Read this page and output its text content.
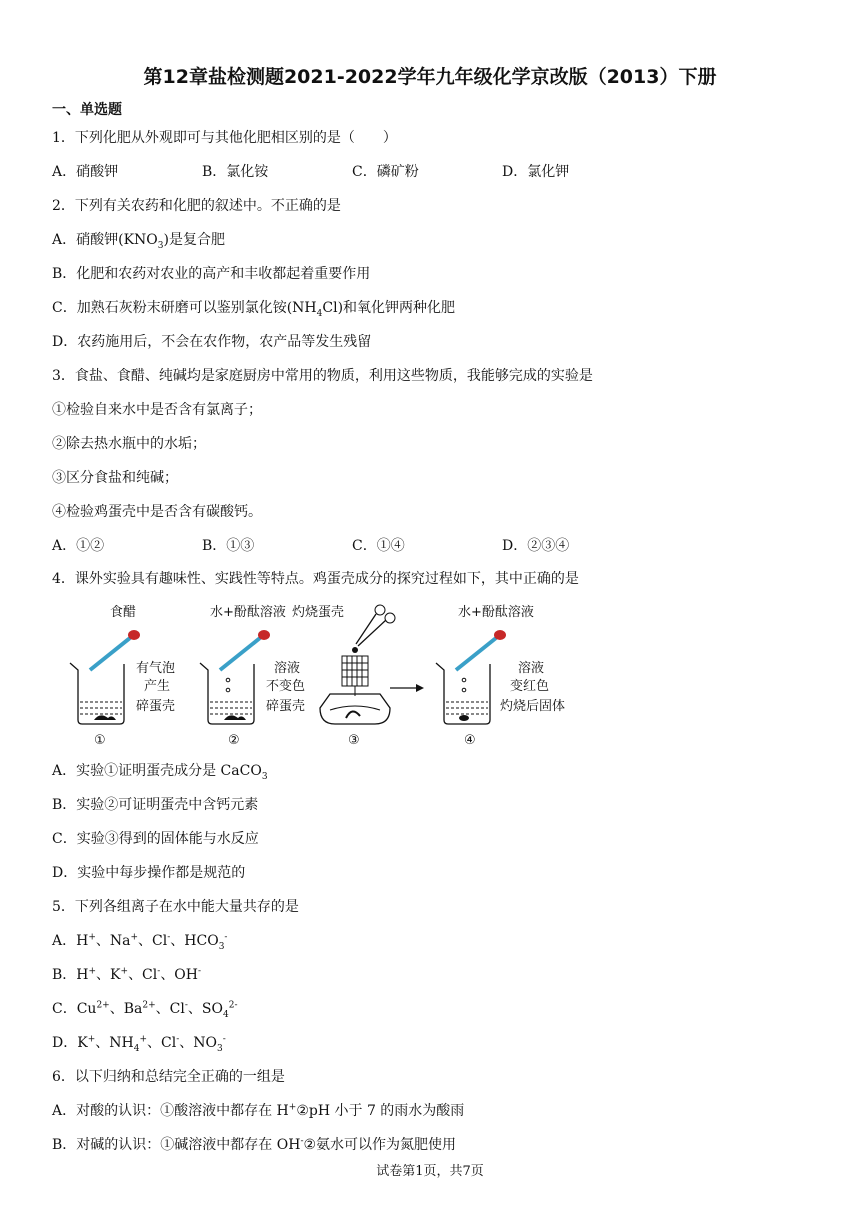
第12章盐检测题2021-2022学年九年级化学京改版（2013）下册
一、单选题
1．下列化肥从外观即可与其他化肥相区别的是（　　）
A．硝酸钾	B．氯化铵	C．磷矿粉	D．氯化钾
2．下列有关农药和化肥的叙述中。不正确的是
A．硝酸钾$(KNO_3)$是复合肥
B．化肥和农药对农业的高产和丰收都起着重要作用
C．加熟石灰粉末研磨可以鉴别氯化铵$(NH_4Cl)$和氧化钾两种化肥
D．农药施用后，不会在农作物，农产品等发生残留
3．食盐、食醋、纯碱均是家庭厨房中常用的物质，利用这些物质，我能够完成的实验是
①检验自来水中是否含有氯离子；
②除去热水瓶中的水垢；
③区分食盐和纯碱；
④检验鸡蛋壳中是否含有碳酸钙。
A．①②	B．①③	C．①④	D．②③④
4．课外实验具有趣味性、实践性等特点。鸡蛋壳成分的探究过程如下，其中正确的是
食醋
有气泡
产生
碎蛋壳
①
水+酚酞溶液
溶液
不变色
碎蛋壳
②
灼烧蛋壳
③
水+酚酞溶液
溶液
变红色
灼烧后固体
④
A．实验①证明蛋壳成分是 CaCO$_3$
B．实验②可证明蛋壳中含钙元素
C．实验③得到的固体能与水反应
D．实验中每步操作都是规范的
5．下列各组离子在水中能大量共存的是
A．H+、Na+、Cl-、$HCO_3^-$
B．H+、K+、Cl-、OH-
C．$Cu^{2+}$、$Ba^{2+}$、Cl-、$SO_4^{2-}$
D．K+、$NH_4^+$、Cl-、$NO_3^-$
6．以下归纳和总结完全正确的一组是
A．对酸的认识：①酸溶液中都存在 H+②pH 小于 7 的雨水为酸雨
B．对碱的认识：①碱溶液中都存在 OH-②氨水可以作为氮肥使用
试卷第1页，共7页
